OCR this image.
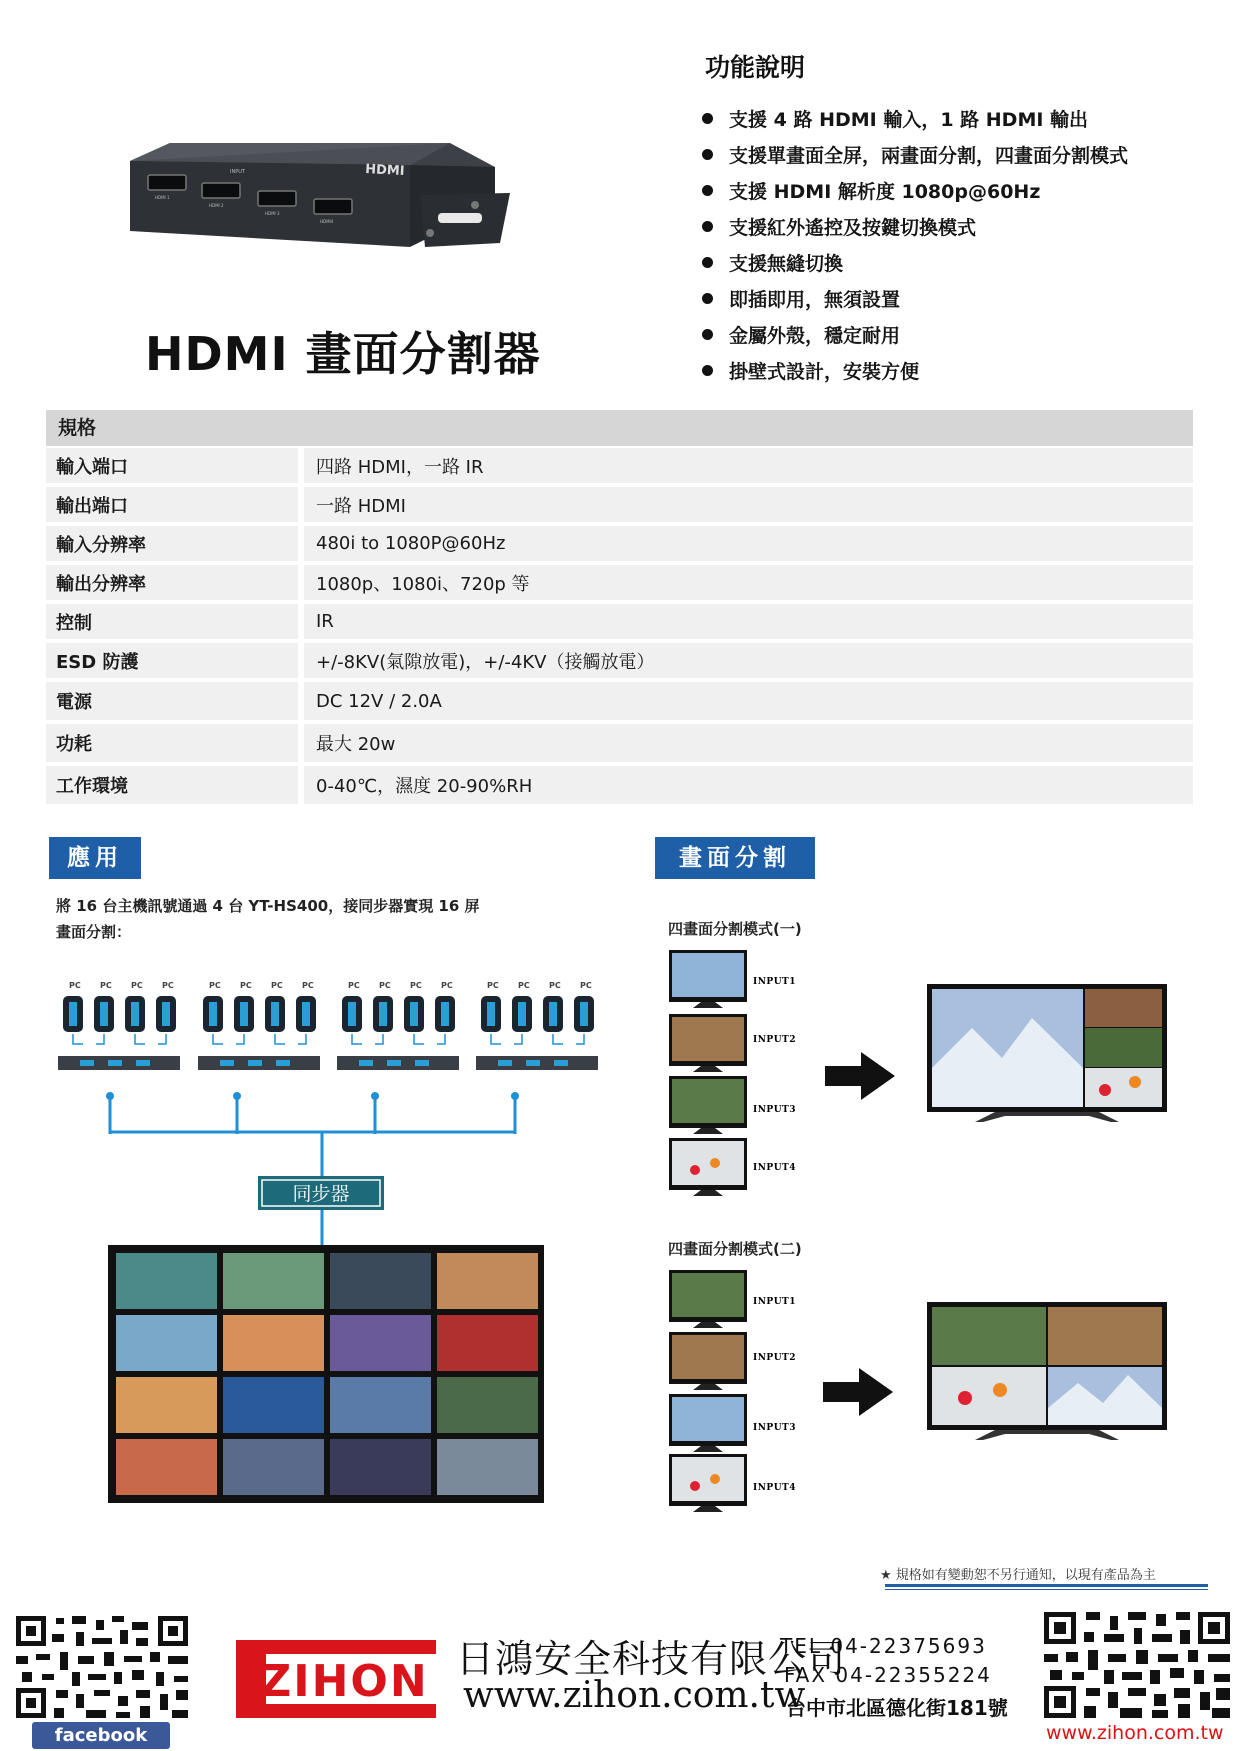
HDMI
INPUT
HDMI 1
HDMI 2
HDMI 3
HDMI4
HDMI 畫面分割器
功能說明
支援 4 路 HDMI 輸入，1 路 HDMI 輸出
支援單畫面全屏，兩畫面分割，四畫面分割模式
支援 HDMI 解析度 1080p@60Hz
支援紅外遙控及按鍵切換模式
支援無縫切換
即插即用，無須設置
金屬外殼，穩定耐用
掛壁式設計，安裝方便
規格
輸入端口	四路 HDMI，一路 IR
輸出端口	一路 HDMI
輸入分辨率	480i to 1080P@60Hz
輸出分辨率	1080p、1080i、720p 等
控制	IR
ESD 防護	+/-8KV(氣隙放電)，+/-4KV（接觸放電）
電源	DC 12V / 2.0A
功耗	最大 20w
工作環境	0-40℃，濕度 20-90%RH
應用	畫面分割
將 16 台主機訊號通過 4 台 YT-HS400，接同步器實現 16 屏
畫面分割：
PC PC PC PC	PC PC PC PC	PC PC PC PC	PC PC PC PC
同步器
四畫面分割模式(一)
四畫面分割模式(二)
INPUT1
INPUT2
INPUT3
INPUT4
INPUT1
INPUT2
INPUT3
INPUT4
★ 規格如有變動恕不另行通知，以現有產品為主
facebook
ZIHON 日鴻安全科技有限公司
www.zihon.com.tw
TEL 04-22375693
FAX 04-22355224
台中市北區德化街181號
www.zihon.com.tw
